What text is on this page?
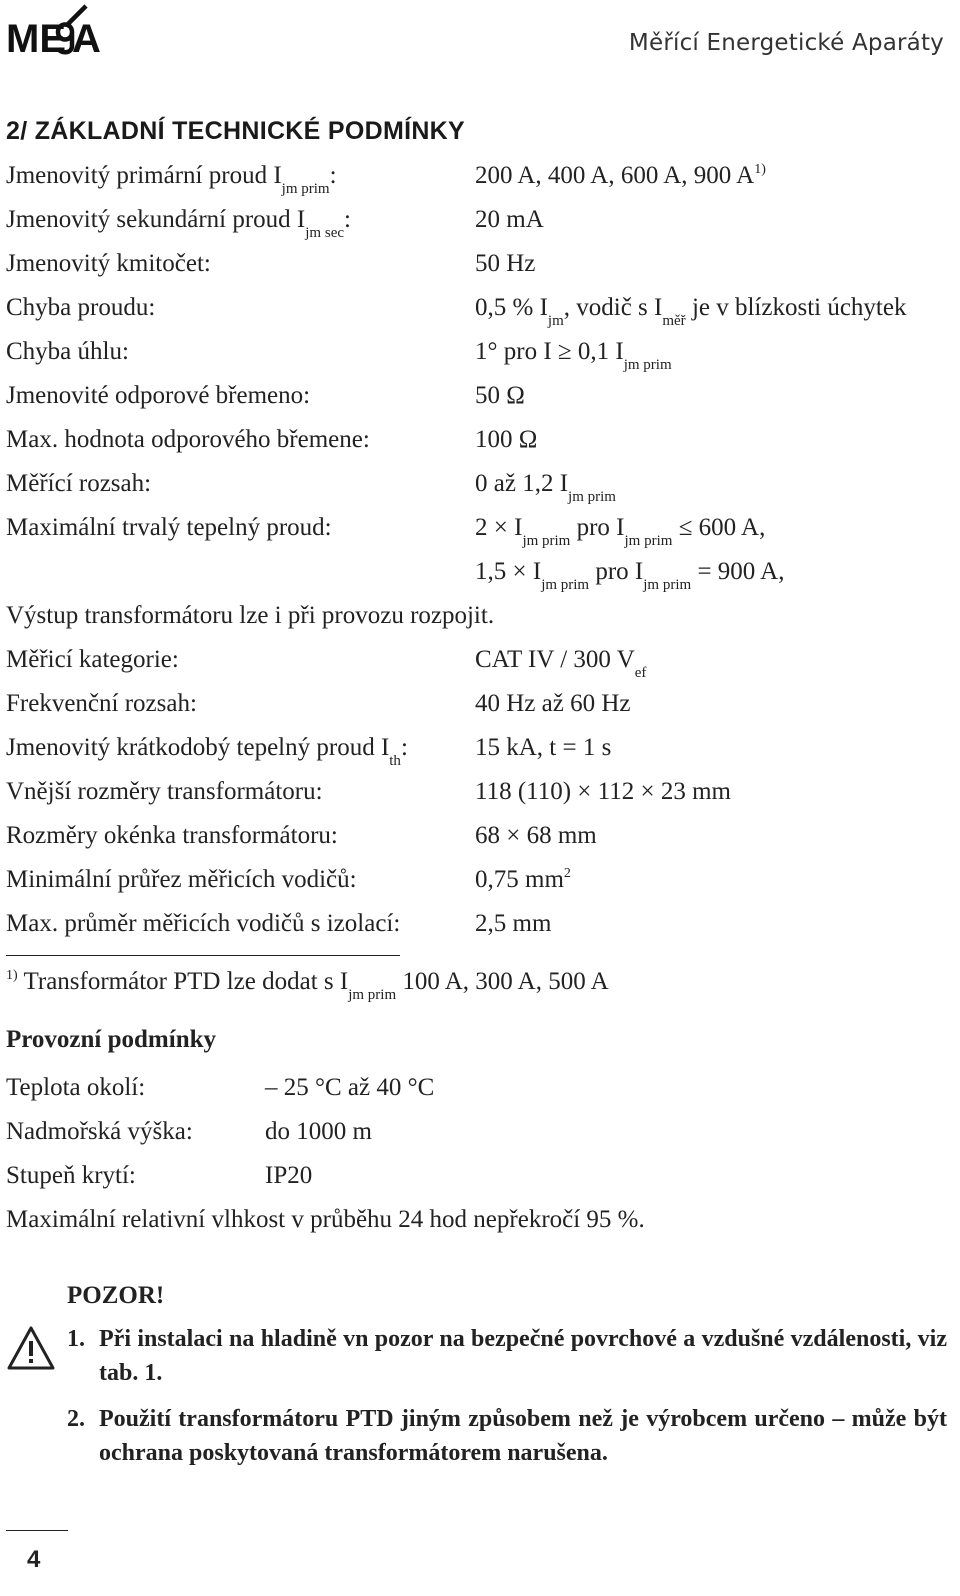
ME A	Měřící Energetické Aparáty
2/ ZÁKLADNÍ TECHNICKÉ PODMÍNKY
Jmenovitý primární proud $I_{jm prim}$:	200 A, 400 A, 600 A, 900 $A^{1)}$
Jmenovitý sekundární proud $I_{jm sec}$:	20 mA
Jmenovitý kmitočet:	50 Hz
Chyba proudu:	0,5 % $I_{jm}$, vodič s $I_{měř}$ je v blízkosti úchytek
Chyba úhlu:	1° pro I ≥ 0,1 $I_{jm prim}$
Jmenovité odporové břemeno:	50 Ω
Max. hodnota odporového břemene:	100 Ω
Měřící rozsah:	0 až 1,2 $I_{jm prim}$
Maximální trvalý tepelný proud:	$2 \times I_{jm prim}$ pro $I_{jm prim} \le 600$ A,
$1,5 \times I_{jm prim}$ pro $I_{jm prim} = 900$ A,
Výstup transformátoru lze i při provozu rozpojit.
Měřicí kategorie:	CAT IV / 300 $V_{ef}$
Frekvenční rozsah:	40 Hz až 60 Hz
Jmenovitý krátkodobý tepelný proud $I_{th}$:	15 kA, t = 1 s
Vnější rozměry transformátoru:	118 (110) × 112 × 23 mm
Rozměry okénka transformátoru:	68 × 68 mm
Minimální průřez měřicích vodičů:	0,75 $mm^2$
Max. průměr měřicích vodičů s izolací:	2,5 mm
$^{1)}$ Transformátor PTD lze dodat s $I_{jm prim}$ 100 A, 300 A, 500 A
Provozní podmínky
Teplota okolí:	– 25 °C až 40 °C
Nadmořská výška:	do 1000 m
Stupeň krytí:	IP20
Maximální relativní vlhkost v průběhu 24 hod nepřekročí 95 %.
POZOR!
1. Při instalaci na hladině vn pozor na bezpečné povrchové a vzdušné vzdálenosti, viz tab. 1.
2. Použití transformátoru PTD jiným způsobem než je výrobcem určeno – může být ochrana poskytovaná transformátorem narušena.
4
